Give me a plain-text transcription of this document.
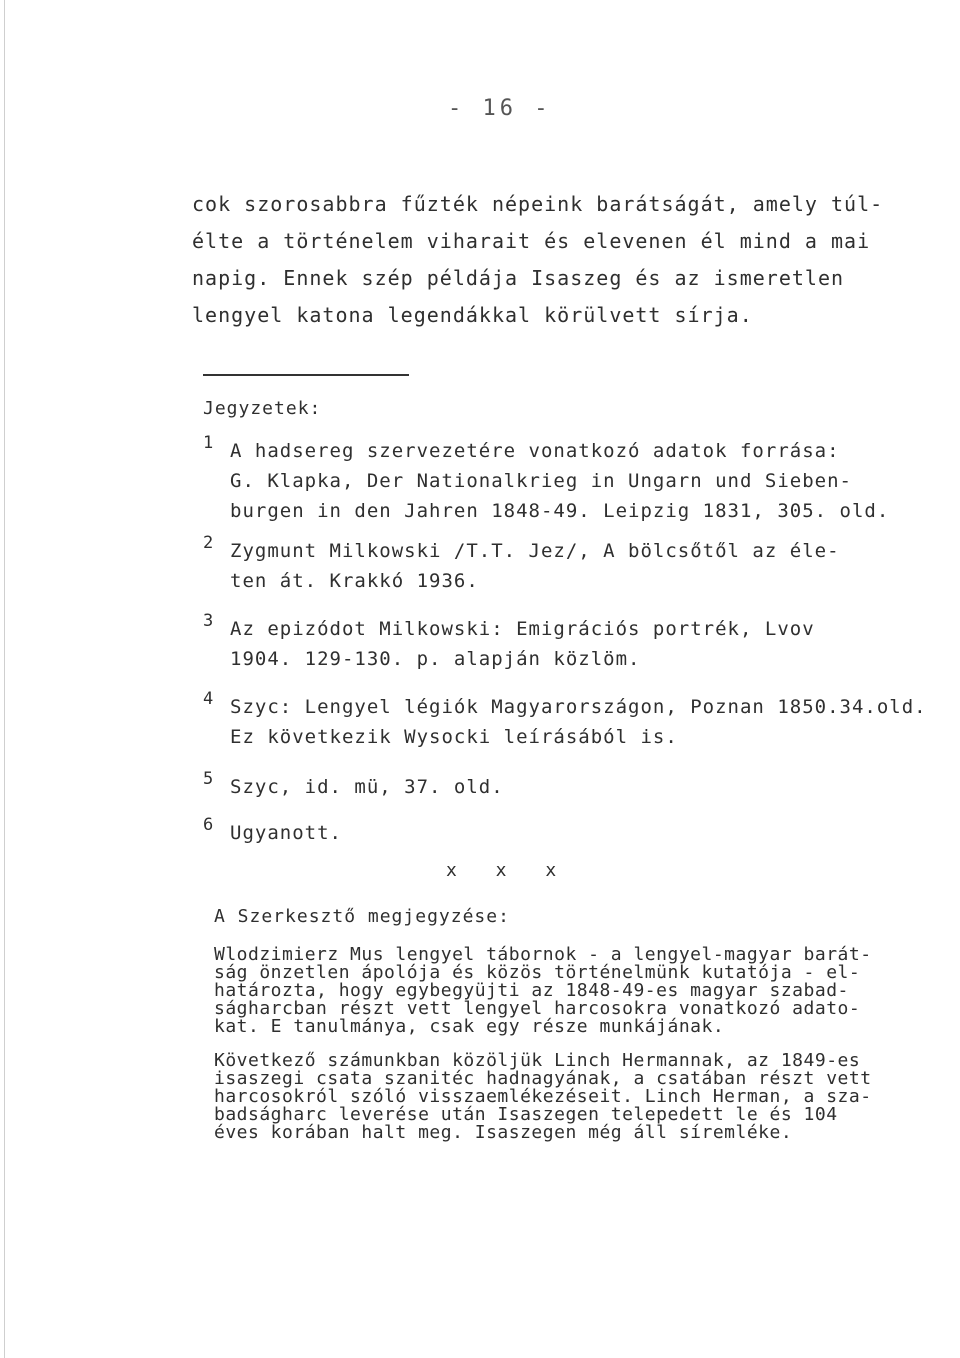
- 16 -
cok szorosabbra fűzték népeink barátságát, amely túl-
élte a történelem viharait és elevenen él mind a mai
napig. Ennek szép példája Isaszeg és az ismeretlen
lengyel katona legendákkal körülvett sírja.
Jegyzetek:
1 A hadsereg szervezetére vonatkozó adatok forrása:
G. Klapka, Der Nationalkrieg in Ungarn und Sieben-
burgen in den Jahren 1848-49. Leipzig 1831, 305. old.
2 Zygmunt Milkowski /T.T. Jez/, A bölcsőtől az éle-
ten át. Krakkó 1936.
3 Az epizódot Milkowski: Emigrációs portrék, Lvov
1904. 129-130. p. alapján közlöm.
4 Szyc: Lengyel légiók Magyarországon, Poznan 1850.34.old.
Ez következik Wysocki leírásából is.
5 Szyc, id. mü, 37. old.
6 Ugyanott.
x x x
A Szerkesztő megjegyzése:
Wlodzimierz Mus lengyel tábornok - a lengyel-magyar barát-
ság önzetlen ápolója és közös történelmünk kutatója - el-
határozta, hogy egybegyüjti az 1848-49-es magyar szabad-
ságharcban részt vett lengyel harcosokra vonatkozó adato-
kat. E tanulmánya, csak egy része munkájának.
Következő számunkban közöljük Linch Hermannak, az 1849-es
isaszegi csata szanitéc hadnagyának, a csatában részt vett
harcosokról szóló visszaemlékezéseit. Linch Herman, a sza-
badságharc leverése után Isaszegen telepedett le és 104
éves korában halt meg. Isaszegen még áll síremléke.
